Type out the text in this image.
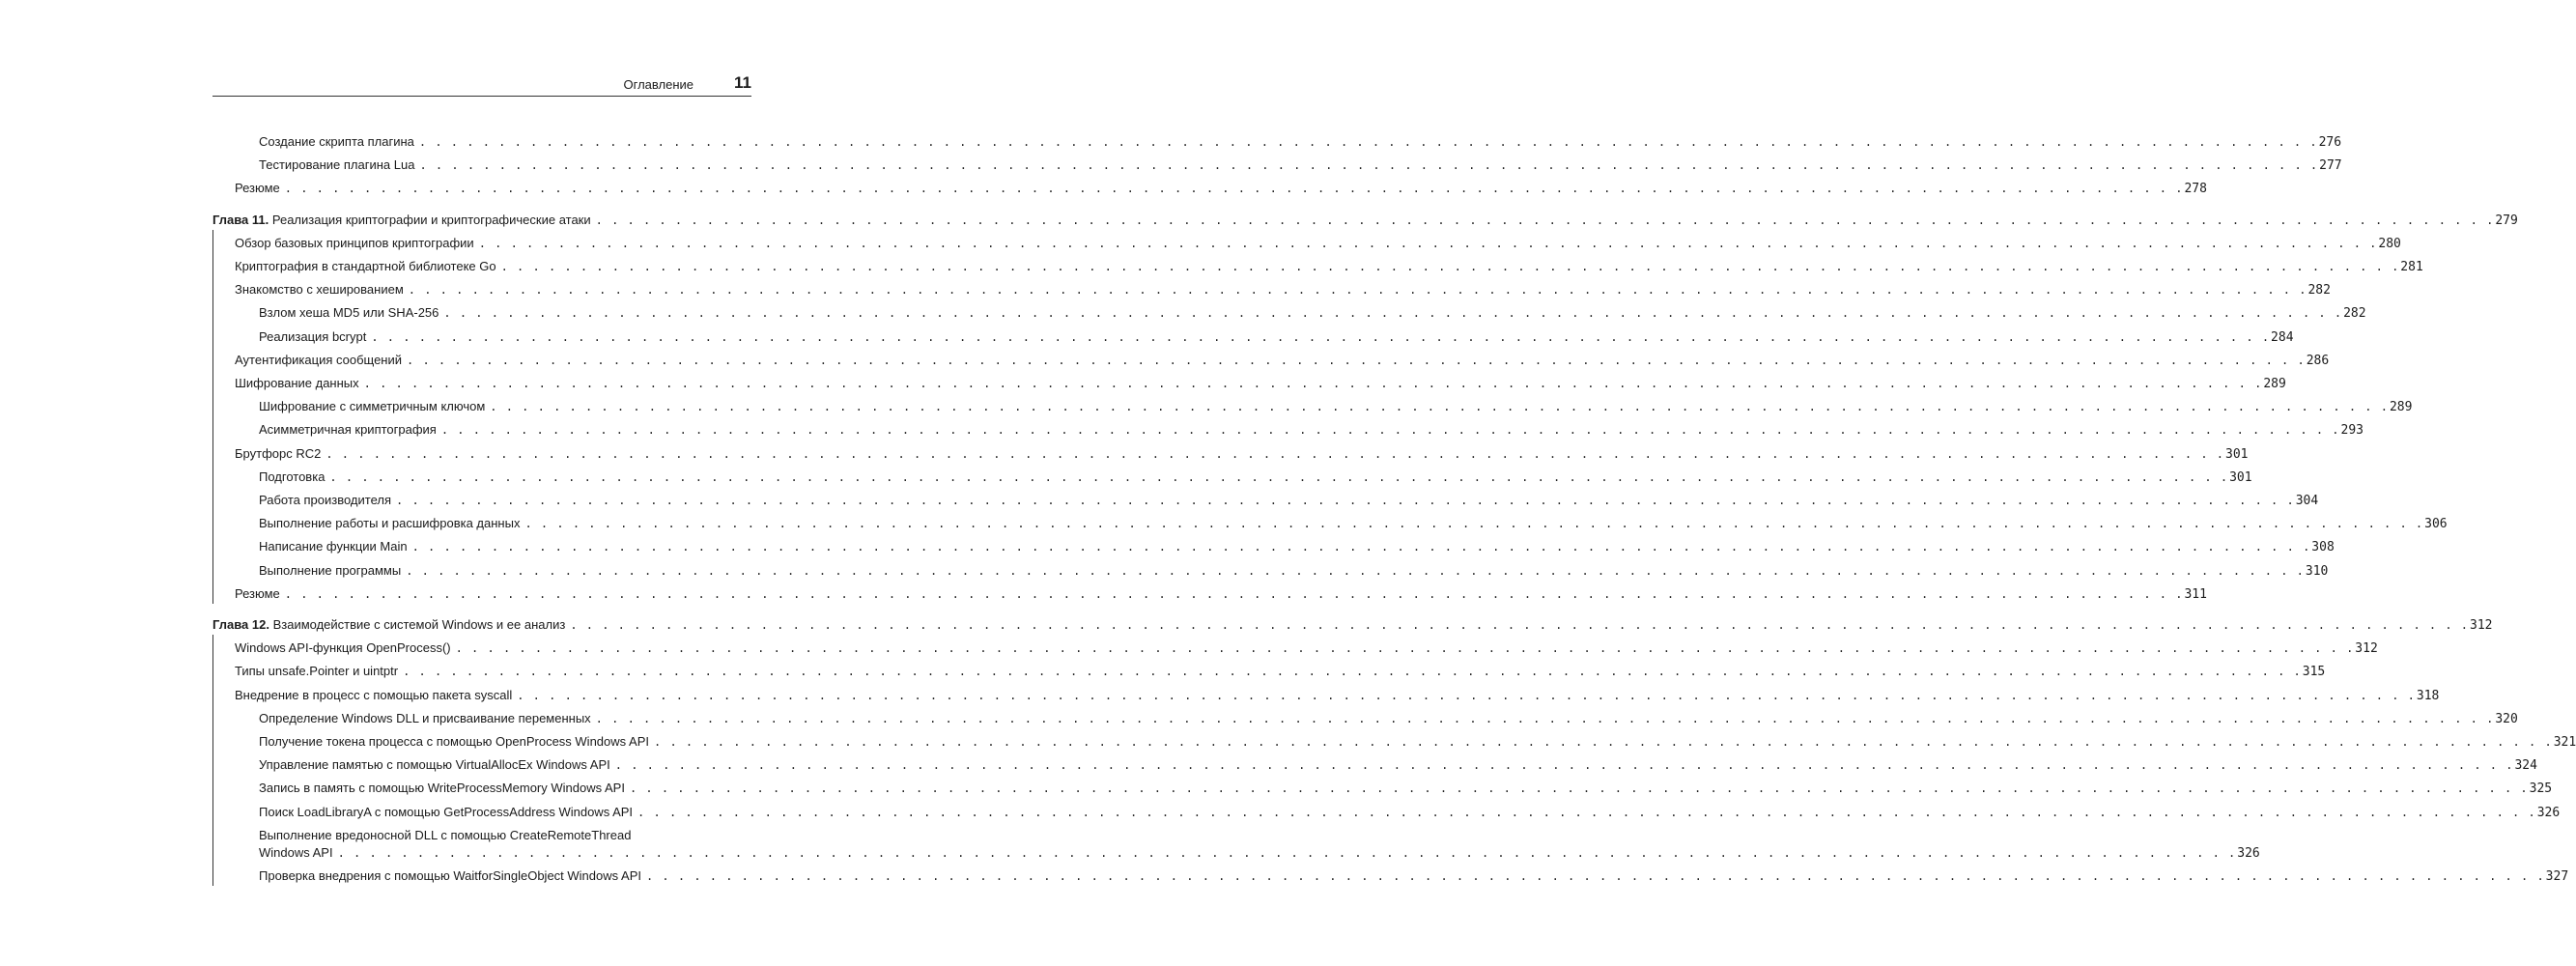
Оглавление 11
Создание скрипта плагина . . . . . . . . . . . . . . . . . . . . . . . . . . . . . . . . . . . . . . . . . . . . . . . . . . . . . . . . . . . . . . . . . . . . . . . . . . . . . . . . . . . . . . . . . . . . . . . . . . . . . . . . . . . . . . . . . . . . . . . . 276
Тестирование плагина Lua . . . . . . . . . . . . . . . . . . . . . . . . . . . . . . . . . . . . . . . . . . . . . . . . . . . . . . . . . . . . . . . . . . . . . . . . . . . . . . . . . . . . . . . . . . . . . . . . . . . . . . . . . . . . . . . . . . . . . . . . 277
Резюме . . . . . . . . . . . . . . . . . . . . . . . . . . . . . . . . . . . . . . . . . . . . . . . . . . . . . . . . . . . . . . . . . . . . . . . . . . . . . . . . . . . . . . . . . . . . . . . . . . . . . . . . . . . . . . . . . . . . . . . . 278
Глава 11. Реализация криптографии и криптографические атаки . . . . . . . . . . . . . . . . . . . . . . . . . . . . . . . . . . . . . . . . . . . . . . . . . . . . . . . . . . . . . . . . . . . . . . . . . . . . . . . . . . . . . . . . . . . . . . . . . . . . . . . . . . . . . . . . . . . . . . . . 279
Обзор базовых принципов криптографии . . . . . . . . . . . . . . . . . . . . . . . . . . . . . . . . . . . . . . . . . . . . . . . . . . . . . . . . . . . . . . . . . . . . . . . . . . . . . . . . . . . . . . . . . . . . . . . . . . . . . . . . . . . . . . . . . . . . . . . . 280
Криптография в стандартной библиотеке Go . . . . . . . . . . . . . . . . . . . . . . . . . . . . . . . . . . . . . . . . . . . . . . . . . . . . . . . . . . . . . . . . . . . . . . . . . . . . . . . . . . . . . . . . . . . . . . . . . . . . . . . . . . . . . . . . . . . . . . . . 281
Знакомство с хешированием . . . . . . . . . . . . . . . . . . . . . . . . . . . . . . . . . . . . . . . . . . . . . . . . . . . . . . . . . . . . . . . . . . . . . . . . . . . . . . . . . . . . . . . . . . . . . . . . . . . . . . . . . . . . . . . . . . . . . . . . 282
Взлом хеша MD5 или SHA-256 . . . . . . . . . . . . . . . . . . . . . . . . . . . . . . . . . . . . . . . . . . . . . . . . . . . . . . . . . . . . . . . . . . . . . . . . . . . . . . . . . . . . . . . . . . . . . . . . . . . . . . . . . . . . . . . . . . . . . . . . 282
Реализация bcrypt . . . . . . . . . . . . . . . . . . . . . . . . . . . . . . . . . . . . . . . . . . . . . . . . . . . . . . . . . . . . . . . . . . . . . . . . . . . . . . . . . . . . . . . . . . . . . . . . . . . . . . . . . . . . . . . . . . . . . . . . 284
Аутентификация сообщений . . . . . . . . . . . . . . . . . . . . . . . . . . . . . . . . . . . . . . . . . . . . . . . . . . . . . . . . . . . . . . . . . . . . . . . . . . . . . . . . . . . . . . . . . . . . . . . . . . . . . . . . . . . . . . . . . . . . . . . . 286
Шифрование данных . . . . . . . . . . . . . . . . . . . . . . . . . . . . . . . . . . . . . . . . . . . . . . . . . . . . . . . . . . . . . . . . . . . . . . . . . . . . . . . . . . . . . . . . . . . . . . . . . . . . . . . . . . . . . . . . . . . . . . . . 289
Шифрование с симметричным ключом . . . . . . . . . . . . . . . . . . . . . . . . . . . . . . . . . . . . . . . . . . . . . . . . . . . . . . . . . . . . . . . . . . . . . . . . . . . . . . . . . . . . . . . . . . . . . . . . . . . . . . . . . . . . . . . . . . . . . . . . 289
Асимметричная криптография . . . . . . . . . . . . . . . . . . . . . . . . . . . . . . . . . . . . . . . . . . . . . . . . . . . . . . . . . . . . . . . . . . . . . . . . . . . . . . . . . . . . . . . . . . . . . . . . . . . . . . . . . . . . . . . . . . . . . . . . 293
Брутфорс RC2 . . . . . . . . . . . . . . . . . . . . . . . . . . . . . . . . . . . . . . . . . . . . . . . . . . . . . . . . . . . . . . . . . . . . . . . . . . . . . . . . . . . . . . . . . . . . . . . . . . . . . . . . . . . . . . . . . . . . . . . . 301
Подготовка . . . . . . . . . . . . . . . . . . . . . . . . . . . . . . . . . . . . . . . . . . . . . . . . . . . . . . . . . . . . . . . . . . . . . . . . . . . . . . . . . . . . . . . . . . . . . . . . . . . . . . . . . . . . . . . . . . . . . . . . 301
Работа производителя . . . . . . . . . . . . . . . . . . . . . . . . . . . . . . . . . . . . . . . . . . . . . . . . . . . . . . . . . . . . . . . . . . . . . . . . . . . . . . . . . . . . . . . . . . . . . . . . . . . . . . . . . . . . . . . . . . . . . . . . 304
Выполнение работы и расшифровка данных . . . . . . . . . . . . . . . . . . . . . . . . . . . . . . . . . . . . . . . . . . . . . . . . . . . . . . . . . . . . . . . . . . . . . . . . . . . . . . . . . . . . . . . . . . . . . . . . . . . . . . . . . . . . . . . . . . . . . . . . 306
Написание функции Main . . . . . . . . . . . . . . . . . . . . . . . . . . . . . . . . . . . . . . . . . . . . . . . . . . . . . . . . . . . . . . . . . . . . . . . . . . . . . . . . . . . . . . . . . . . . . . . . . . . . . . . . . . . . . . . . . . . . . . . . 308
Выполнение программы . . . . . . . . . . . . . . . . . . . . . . . . . . . . . . . . . . . . . . . . . . . . . . . . . . . . . . . . . . . . . . . . . . . . . . . . . . . . . . . . . . . . . . . . . . . . . . . . . . . . . . . . . . . . . . . . . . . . . . . . 310
Резюме . . . . . . . . . . . . . . . . . . . . . . . . . . . . . . . . . . . . . . . . . . . . . . . . . . . . . . . . . . . . . . . . . . . . . . . . . . . . . . . . . . . . . . . . . . . . . . . . . . . . . . . . . . . . . . . . . . . . . . . . 311
Глава 12. Взаимодействие с системой Windows и ее анализ . . . . . . . . . . . . . . . . . . . . . . . . . . . . . . . . . . . . . . . . . . . . . . . . . . . . . . . . . . . . . . . . . . . . . . . . . . . . . . . . . . . . . . . . . . . . . . . . . . . . . . . . . . . . . . . . . . . . . . . . 312
Windows API-функция OpenProcess() . . . . . . . . . . . . . . . . . . . . . . . . . . . . . . . . . . . . . . . . . . . . . . . . . . . . . . . . . . . . . . . . . . . . . . . . . . . . . . . . . . . . . . . . . . . . . . . . . . . . . . . . . . . . . . . . . . . . . . . . 312
Типы unsafe.Pointer и uintptr . . . . . . . . . . . . . . . . . . . . . . . . . . . . . . . . . . . . . . . . . . . . . . . . . . . . . . . . . . . . . . . . . . . . . . . . . . . . . . . . . . . . . . . . . . . . . . . . . . . . . . . . . . . . . . . . . . . . . . . . 315
Внедрение в процесс с помощью пакета syscall . . . . . . . . . . . . . . . . . . . . . . . . . . . . . . . . . . . . . . . . . . . . . . . . . . . . . . . . . . . . . . . . . . . . . . . . . . . . . . . . . . . . . . . . . . . . . . . . . . . . . . . . . . . . . . . . . . . . . . . . 318
Определение Windows DLL и присваивание переменных . . . . . . . . . . . . . . . . . . . . . . . . . . . . . . . . . . . . . . . . . . . . . . . . . . . . . . . . . . . . . . . . . . . . . . . . . . . . . . . . . . . . . . . . . . . . . . . . . . . . . . . . . . . . . . . . . . . . . . . . 320
Получение токена процесса с помощью OpenProcess Windows API . . . . . . . . . . . . . . . . . . . . . . . . . . . . . . . . . . . . . . . . . . . . . . . . . . . . . . . . . . . . . . . . . . . . . . . . . . . . . . . . . . . . . . . . . . . . . . . . . . . . . . . . . . . . . . . . . . . . . . . . 321
Управление памятью с помощью VirtualAllocEx Windows API . . . . . . . . . . . . . . . . . . . . . . . . . . . . . . . . . . . . . . . . . . . . . . . . . . . . . . . . . . . . . . . . . . . . . . . . . . . . . . . . . . . . . . . . . . . . . . . . . . . . . . . . . . . . . . . . . . . . . . . . 324
Запись в память с помощью WriteProcessMemory Windows API . . . . . . . . . . . . . . . . . . . . . . . . . . . . . . . . . . . . . . . . . . . . . . . . . . . . . . . . . . . . . . . . . . . . . . . . . . . . . . . . . . . . . . . . . . . . . . . . . . . . . . . . . . . . . . . . . . . . . . . . 325
Поиск LoadLibraryA с помощью GetProcessAddress Windows API . . . . . . . . . . . . . . . . . . . . . . . . . . . . . . . . . . . . . . . . . . . . . . . . . . . . . . . . . . . . . . . . . . . . . . . . . . . . . . . . . . . . . . . . . . . . . . . . . . . . . . . . . . . . . . . . . . . . . . . . 326
Выполнение вредоносной DLL с помощью CreateRemoteThread
Windows API . . . . . . . . . . . . . . . . . . . . . . . . . . . . . . . . . . . . . . . . . . . . . . . . . . . . . . . . . . . . . . . . . . . . . . . . . . . . . . . . . . . . . . . . . . . . . . . . . . . . . . . . . . . . . . . . . . . . . . . . 326
Проверка внедрения с помощью WaitforSingleObject Windows API . . . . . . . . . . . . . . . . . . . . . . . . . . . . . . . . . . . . . . . . . . . . . . . . . . . . . . . . . . . . . . . . . . . . . . . . . . . . . . . . . . . . . . . . . . . . . . . . . . . . . . . . . . . . . . . . . . . . . . . . 327
